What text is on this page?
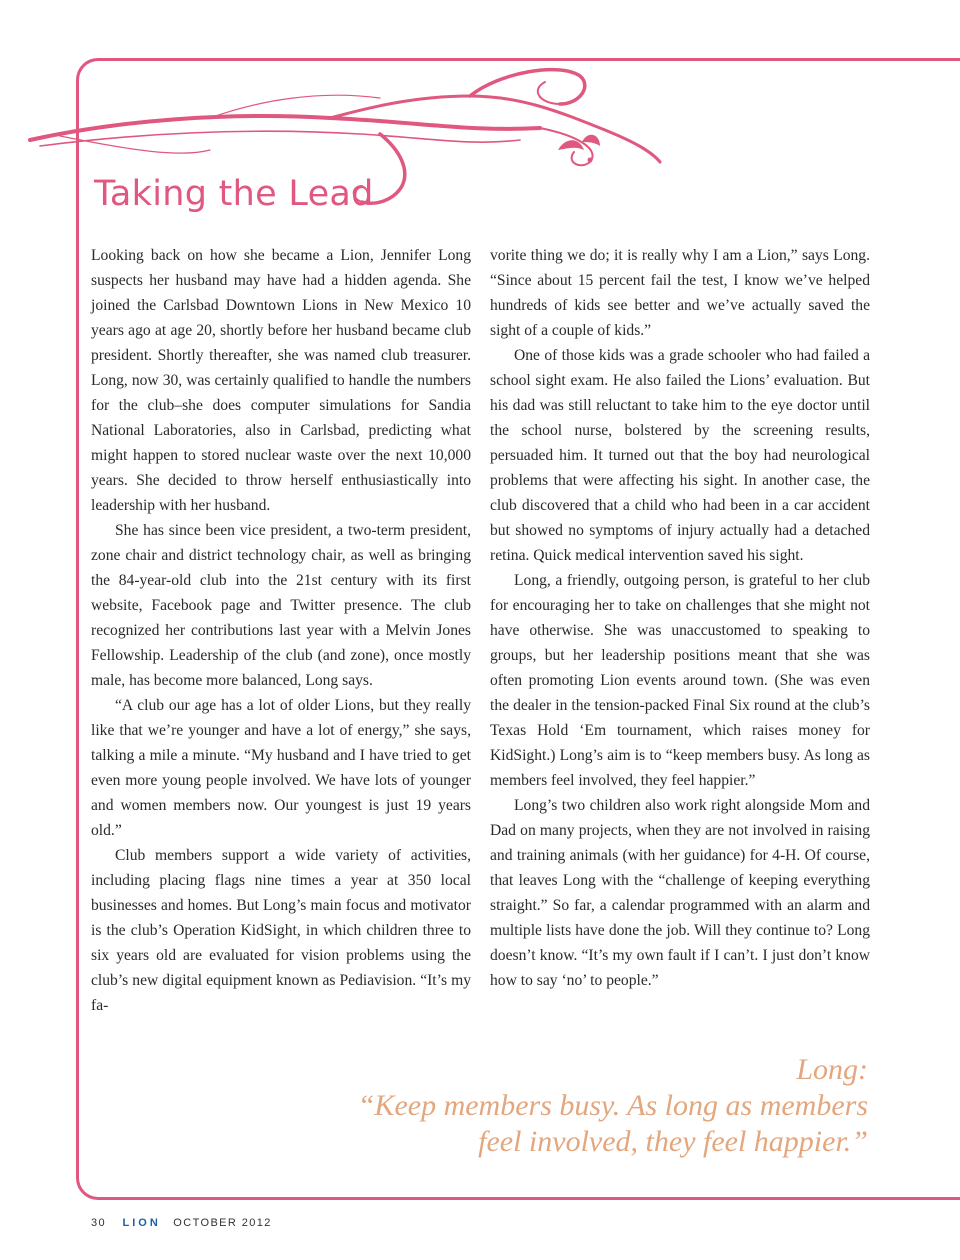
Taking the Lead

Looking back on how she became a Lion, Jennifer Long suspects her husband may have had a hidden agenda. She joined the Carlsbad Downtown Lions in New Mexico 10 years ago at age 20, shortly before her husband became club president. Shortly thereafter, she was named club treasurer. Long, now 30, was certainly qualified to handle the numbers for the club–she does computer simulations for Sandia National Laboratories, also in Carlsbad, predicting what might happen to stored nuclear waste over the next 10,000 years. She decided to throw herself enthusiastically into leadership with her husband.

She has since been vice president, a two-term president, zone chair and district technology chair, as well as bringing the 84-year-old club into the 21st century with its first website, Facebook page and Twitter presence. The club recognized her contributions last year with a Melvin Jones Fellowship. Leadership of the club (and zone), once mostly male, has become more balanced, Long says.

“A club our age has a lot of older Lions, but they really like that we’re younger and have a lot of energy,” she says, talking a mile a minute. “My husband and I have tried to get even more young people involved. We have lots of younger and women members now. Our youngest is just 19 years old.”

Club members support a wide variety of activities, including placing flags nine times a year at 350 local businesses and homes. But Long’s main focus and motivator is the club’s Operation KidSight, in which children three to six years old are evaluated for vision problems using the club’s new digital equipment known as Pediavision. “It’s my fa-

vorite thing we do; it is really why I am a Lion,” says Long. “Since about 15 percent fail the test, I know we’ve helped hundreds of kids see better and we’ve actually saved the sight of a couple of kids.”

One of those kids was a grade schooler who had failed a school sight exam. He also failed the Lions’ evaluation. But his dad was still reluctant to take him to the eye doctor until the school nurse, bolstered by the screening results, persuaded him. It turned out that the boy had neurological problems that were affecting his sight. In another case, the club discovered that a child who had been in a car accident but showed no symptoms of injury actually had a detached retina. Quick medical intervention saved his sight.

Long, a friendly, outgoing person, is grateful to her club for encouraging her to take on challenges that she might not have otherwise. She was unaccustomed to speaking to groups, but her leadership positions meant that she was often promoting Lion events around town. (She was even the dealer in the tension-packed Final Six round at the club’s Texas Hold ‘Em tournament, which raises money for KidSight.) Long’s aim is to “keep members busy. As long as members feel involved, they feel happier.”

Long’s two children also work right alongside Mom and Dad on many projects, when they are not involved in raising and training animals (with her guidance) for 4-H. Of course, that leaves Long with the “challenge of keeping everything straight.” So far, a calendar programmed with an alarm and multiple lists have done the job. Will they continue to? Long doesn’t know. “It’s my own fault if I can’t. I just don’t know how to say ‘no’ to people.”

Long:
“Keep members busy. As long as members
feel involved, they feel happier.”
30 LION OCTOBER 2012
